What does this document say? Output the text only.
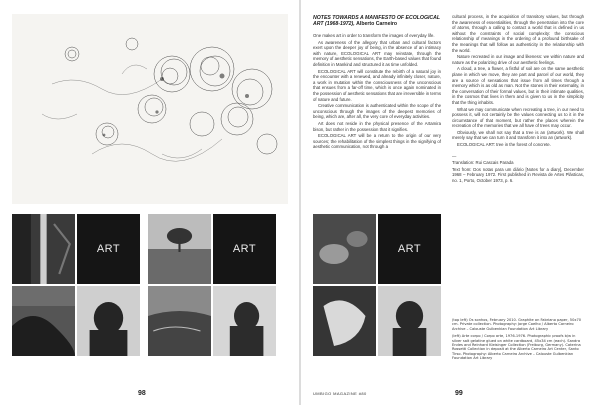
ART	ART
98

NOTES TOWARDS A MANIFESTO OF ECOLOGICAL
ART (1968-1972), Alberto Carneiro

One makes art in order to transform the images of everyday life.

As awareness of the allegory that urban and cultural factors exert upon the deeper joy of being, in the absence of an intimacy with nature, ECOLOGICAL ART may reinstate, through the memory of aesthetic sensations, the Earth-based values that found definition in Mankind and structured it as time unfolded.

ECOLOGICAL ART will constitute the rebirth of a natural joy in the encounter with a renewed, and already infinitely closer, nature, a work in mutation within the consciousness of the unconscious that ensues from a far-off time, which is once again nominated in the possession of aesthetic sensations that are irreversible in terms of nature and future.

Creative communication is authenticated within the scope of the unconscious through the images of the deepest memories of being, which are, after all, the very core of everyday activities.

Art does not reside in the physical presence of the Artamira bison, but rather in the possession that it signifies.

ECOLOGICAL ART will be a return to the origin of our very sources; the rehabilitation of the simplest things in the signifying of aesthetic communication, not through a

cultural process, in the acquisition of transitory values, but through the awareness of essentialities, through the penetration into the core of atoms, through a calling to contact a world that is defined in us without the constraints of social complexity: the conscious relationship of meanings in the ordering of a profound birthsake of the meanings that will follow as authenticity in the relationship with the world.

Nature recreated in our image and likeness: we within nature and nature as the polarizing drive of our aesthetic feelings.

A cloud, a tree, a flower, a fistful of soil are on the same aesthetic plane in which we move, they are part and parcel of our world, they are a source of sensations that issue from all times through a memory which is as old as man. Not the stones in their externality, in the conversation of their formal values, but in their intimate qualities, in the cosmos that lives in them and is given to us in the simplicity that the thing inhabits.

What we may communicate when recreating a tree, in our need to possess it, will not certainly be the values connecting us to it in the circumstance of that moment, but rather the places wherein the recreation of the memories that we all have of trees may occur.

Obviously, we shall not say that a tree is an (artwork). We shall merely say that we can turn it and transform it into an (artwork).

ECOLOGICAL ART: tree in the forest of concrete.

—

Translation: Rui Cascais Parada

Text from: Dos notas para um diário [Notes for a diary], December 1968 – February 1972. First published in Revista de Artes Plásticas, no. 1, Porto, October 1973, p. 6.

ART

(top left) Os sonhos, February 2010. Graphite on Fabriano paper, 50x70 cm. Private collection. Photography: Jorge Coelho / Alberto Carneiro Archive – Calouste Gulbenkian Foundation Art Library

(left) Arte corpo / Corpo arte, 1976-1976. Photographic proofs b/w in silver salt gelatine glued on white cardboard, 45x34 cm (each). Sandra Endes and Reinhard Kleisinger Collection (Freiburg, Germany). Caterina Rossetti Collection in deposit at the Alberto Carneiro Art Center, Santo Tirso. Photography: Alberto Carneiro Archive – Calouste Gulbenkian Foundation Art Library

UMBIGO MAGAZINE #80	99
